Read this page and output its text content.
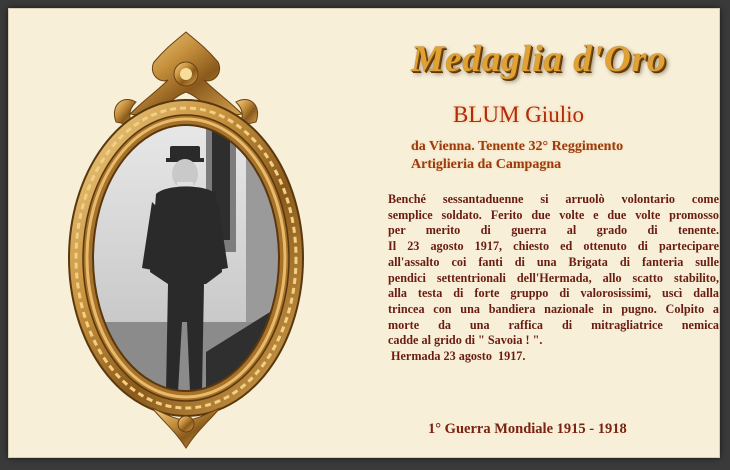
Medaglia d'Oro
BLUM Giulio
da Vienna. Tenente 32° Reggimento
Artiglieria da Campagna
Benché sessantaduenne si arruolò volontario come
semplice soldato. Ferito due volte e due volte promosso
per merito di guerra al grado di tenente.
Il 23 agosto 1917, chiesto ed ottenuto di partecipare
all'assalto coi fanti di una Brigata di fanteria sulle
pendici settentrionali dell'Hermada, allo scatto stabilito,
alla testa di forte gruppo di valorosissimi, uscì dalla
trincea con una bandiera nazionale in pugno. Colpito a
morte da una raffica di mitragliatrice nemica
cadde al grido di " Savoia ! ".
Hermada 23 agosto  1917.
1° Guerra Mondiale 1915 - 1918
